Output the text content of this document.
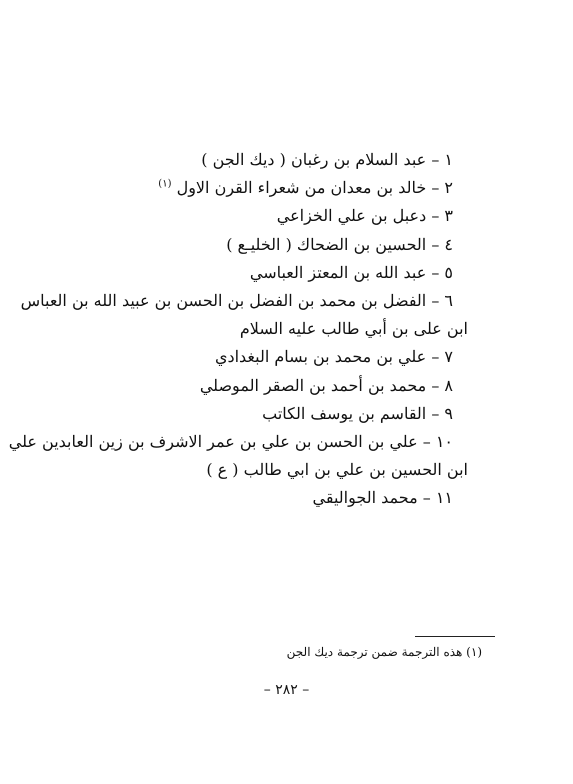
١ – عبد السلام بن رغبان ( ديك الجن )
٢ – خالد بن معدان من شعراء القرن الاول $^{(١)}$
٣ – دعبل بن علي الخزاعي
٤ – الحسين بن الضحاك ( الخليـع )
٥ – عبد الله بن المعتز العباسي
٦ – الفضل بن محمد بن الفضل بن الحسن بن عبيد الله بن العباس
ابن على بن أبي طالب عليه السلام
٧ – علي بن محمد بن بسام البغدادي
٨ – محمد بن أحمد بن الصقر الموصلي
٩ – القاسم بن يوسف الكاتب
١٠ – علي بن الحسن بن علي بن عمر الاشرف بن زين العابدين علي
ابن الحسين بن علي بن ابي طالب ( ع )
١١ – محمد الجواليقي
(١) هذه الترجمة ضمن ترجمة ديك الجن
– ٢٨٢ –
